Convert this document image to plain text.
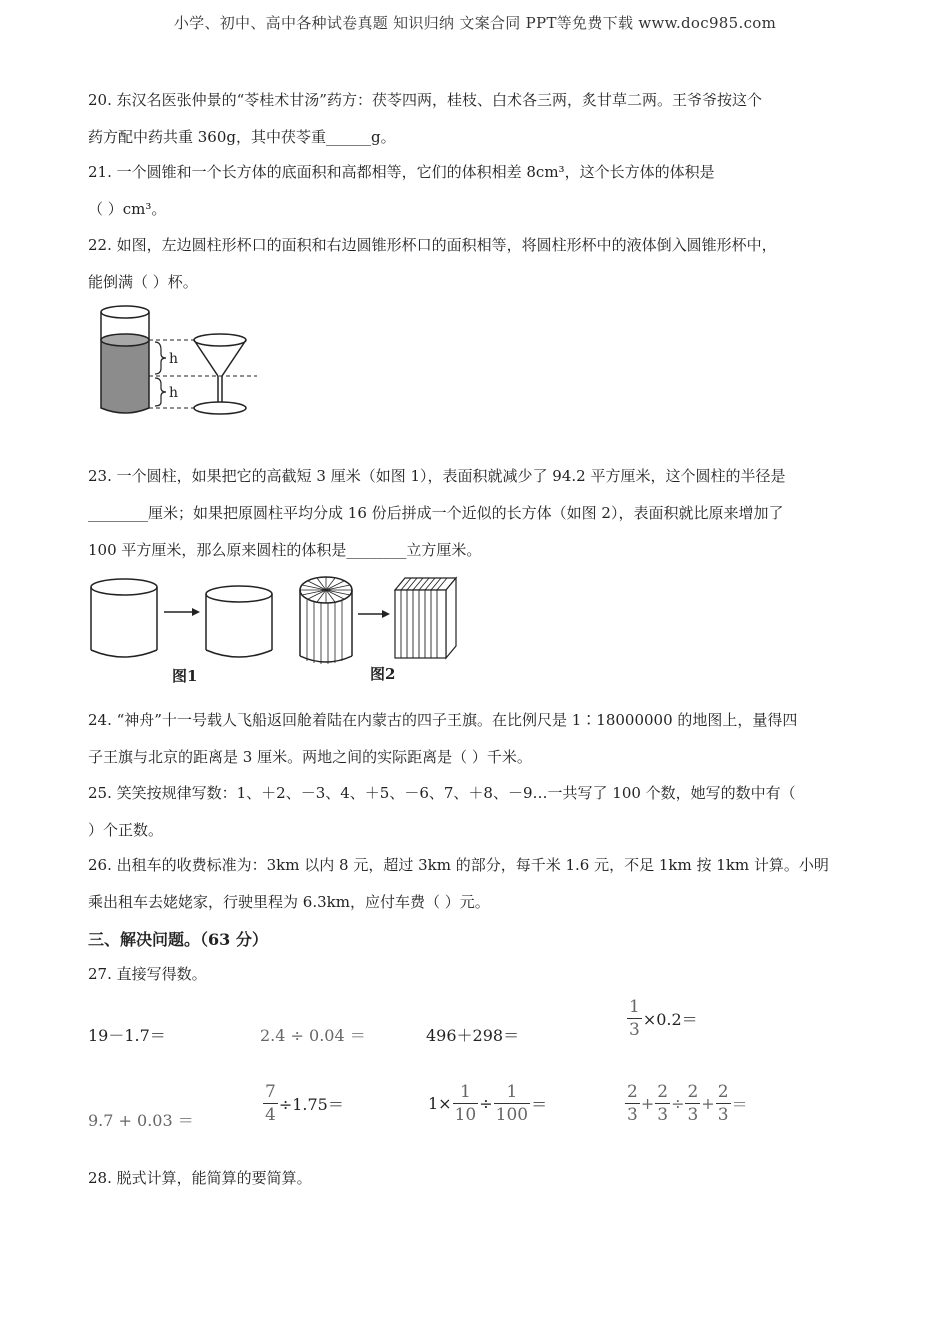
小学、初中、高中各种试卷真题 知识归纳 文案合同 PPT等免费下载 www.doc985.com
20. 东汉名医张仲景的“苓桂术甘汤”药方：茯苓四两，桂枝、白术各三两，炙甘草二两。王爷爷按这个
药方配中药共重 360g，其中茯苓重______g。
21. 一个圆锥和一个长方体的底面积和高都相等，它们的体积相差 8cm³，这个长方体的体积是
（ ）cm³。
22. 如图，左边圆柱形杯口的面积和右边圆锥形杯口的面积相等，将圆柱形杯中的液体倒入圆锥形杯中，
能倒满（ ）杯。
h
h
23. 一个圆柱，如果把它的高截短 3 厘米（如图 1），表面积就减少了 94.2 平方厘米，这个圆柱的半径是
________厘米；如果把原圆柱平均分成 16 份后拼成一个近似的长方体（如图 2），表面积就比原来增加了
100 平方厘米，那么原来圆柱的体积是________立方厘米。
图1	图2
24. “神舟”十一号载人飞船返回舱着陆在内蒙古的四子王旗。在比例尺是 1∶18000000 的地图上，量得四
子王旗与北京的距离是 3 厘米。两地之间的实际距离是（ ）千米。
25. 笑笑按规律写数：1、＋2、－3、4、＋5、－6、7、＋8、－9…一共写了 100 个数，她写的数中有（
）个正数。
26. 出租车的收费标准为：3km 以内 8 元，超过 3km 的部分，每千米 1.6 元，不足 1km 按 1km 计算。小明
乘出租车去姥姥家，行驶里程为 6.3km，应付车费（ ）元。
三、解决问题。（63 分）
27. 直接写得数。
19－1.7＝	2.4 ÷ 0.04 ＝	496＋298＝	$\frac{1}{3} \times 0.2=$
9.7 + 0.03 ＝	$\frac{7}{4} \div 1.75=$	$1\times \frac{1}{10} \div \frac{1}{100}$ ＝	$\frac{2}{3} + \frac{2}{3} \div \frac{2}{3} + \frac{2}{3}$ ＝
28. 脱式计算，能简算的要简算。
